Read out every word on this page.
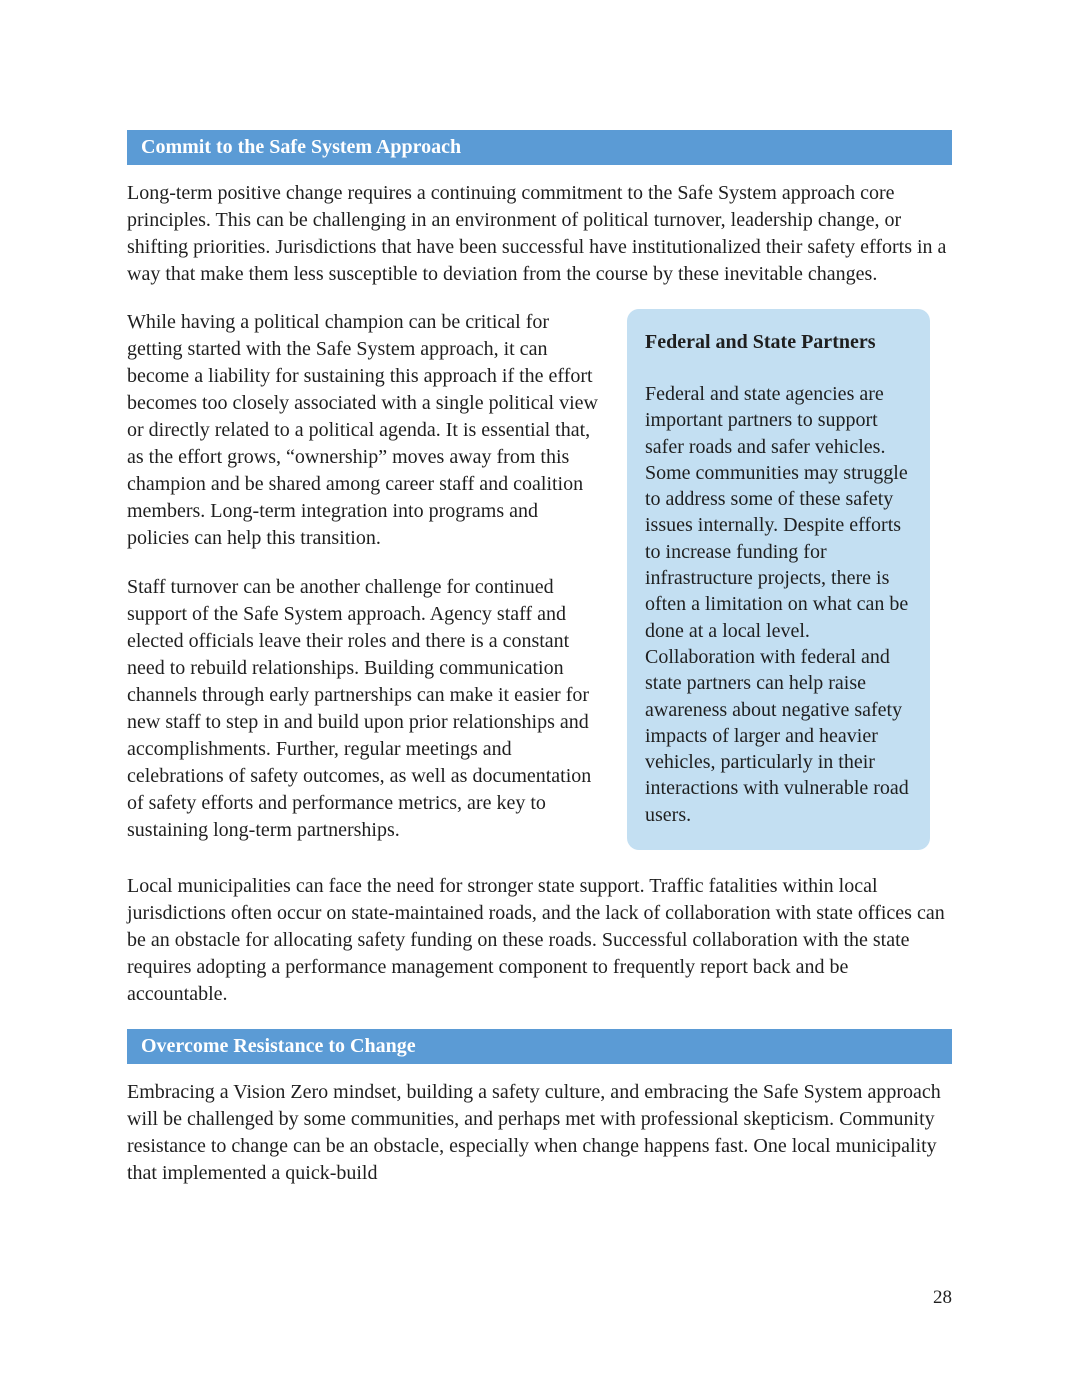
Commit to the Safe System Approach

Long-term positive change requires a continuing commitment to the Safe System approach core principles. This can be challenging in an environment of political turnover, leadership change, or shifting priorities. Jurisdictions that have been successful have institutionalized their safety efforts in a way that make them less susceptible to deviation from the course by these inevitable changes.

While having a political champion can be critical for getting started with the Safe System approach, it can become a liability for sustaining this approach if the effort becomes too closely associated with a single political view or directly related to a political agenda. It is essential that, as the effort grows, “ownership” moves away from this champion and be shared among career staff and coalition members. Long-term integration into programs and policies can help this transition.

Staff turnover can be another challenge for continued support of the Safe System approach. Agency staff and elected officials leave their roles and there is a constant need to rebuild relationships. Building communication channels through early partnerships can make it easier for new staff to step in and build upon prior relationships and accomplishments. Further, regular meetings and celebrations of safety outcomes, as well as documentation of safety efforts and performance metrics, are key to sustaining long-term partnerships.

Federal and State Partners

Federal and state agencies are important partners to support safer roads and safer vehicles. Some communities may struggle to address some of these safety issues internally. Despite efforts to increase funding for infrastructure projects, there is often a limitation on what can be done at a local level. Collaboration with federal and state partners can help raise awareness about negative safety impacts of larger and heavier vehicles, particularly in their interactions with vulnerable road users.

Local municipalities can face the need for stronger state support. Traffic fatalities within local jurisdictions often occur on state-maintained roads, and the lack of collaboration with state offices can be an obstacle for allocating safety funding on these roads. Successful collaboration with the state requires adopting a performance management component to frequently report back and be accountable.

Overcome Resistance to Change

Embracing a Vision Zero mindset, building a safety culture, and embracing the Safe System approach will be challenged by some communities, and perhaps met with professional skepticism. Community resistance to change can be an obstacle, especially when change happens fast. One local municipality that implemented a quick-build

28
